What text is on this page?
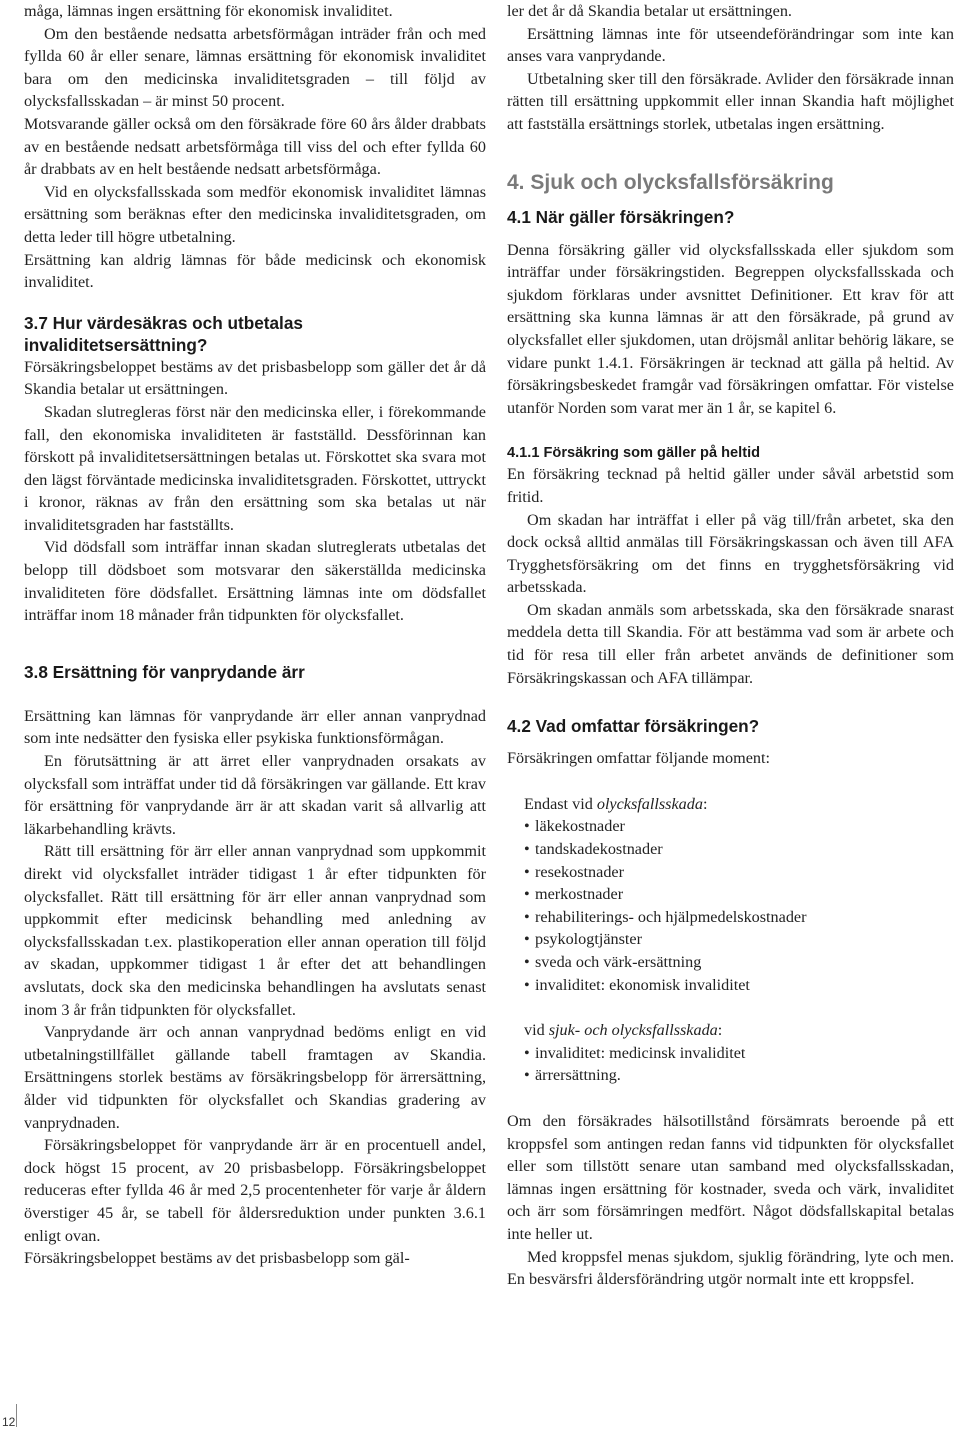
måga, lämnas ingen ersättning för ekonomisk invaliditet.

Om den bestående nedsatta arbetsförmågan inträder från och med fyllda 60 år eller senare, lämnas ersättning för ekonomisk invaliditet bara om den medicinska invaliditetsgraden – till följd av olycksfallsskadan – är minst 50 procent.

Motsvarande gäller också om den försäkrade före 60 års ålder drabbats av en bestående nedsatt arbetsförmåga till viss del och efter fyllda 60 år drabbats av en helt bestående nedsatt arbetsförmåga.

Vid en olycksfallsskada som medför ekonomisk invaliditet lämnas ersättning som beräknas efter den medicinska invaliditetsgraden, om detta leder till högre utbetalning.

Ersättning kan aldrig lämnas för både medicinsk och ekonomisk invaliditet.

3.7 Hur värdesäkras och utbetalas invaliditetsersättning?

Försäkringsbeloppet bestäms av det prisbasbelopp som gäller det år då Skandia betalar ut ersättningen.

Skadan slutregleras först när den medicinska eller, i förekommande fall, den ekonomiska invaliditeten är fastställd. Dessförinnan kan förskott på invaliditetsersättningen betalas ut. Förskottet ska svara mot den lägst förväntade medicinska invaliditetsgraden. Förskottet, uttryckt i kronor, räknas av från den ersättning som ska betalas ut när invaliditetsgraden har fastställts.

Vid dödsfall som inträffar innan skadan slutreglerats utbetalas det belopp till dödsboet som motsvarar den säkerställda medicinska invaliditeten före dödsfallet. Ersättning lämnas inte om dödsfallet inträffar inom 18 månader från tidpunkten för olycksfallet.

3.8 Ersättning för vanprydande ärr

Ersättning kan lämnas för vanprydande ärr eller annan vanprydnad som inte nedsätter den fysiska eller psykiska funktionsförmågan.

En förutsättning är att ärret eller vanprydnaden orsakats av olycksfall som inträffat under tid då försäkringen var gällande. Ett krav för ersättning för vanprydande ärr är att skadan varit så allvarlig att läkarbehandling krävts.

Rätt till ersättning för ärr eller annan vanprydnad som uppkommit direkt vid olycksfallet inträder tidigast 1 år efter tidpunkten för olycksfallet. Rätt till ersättning för ärr eller annan vanprydnad som uppkommit efter medicinsk behandling med anledning av olycksfallsskadan t.ex. plastikoperation eller annan operation till följd av skadan, uppkommer tidigast 1 år efter det att behandlingen avslutats, dock ska den medicinska behandlingen ha avslutats senast inom 3 år från tidpunkten för olycksfallet.

Vanprydande ärr och annan vanprydnad bedöms enligt en vid utbetalningstillfället gällande tabell framtagen av Skandia. Ersättningens storlek bestäms av försäkringsbelopp för ärrersättning, ålder vid tidpunkten för olycksfallet och Skandias gradering av vanprydnaden.

Försäkringsbeloppet för vanprydande ärr är en procentuell andel, dock högst 15 procent, av 20 prisbasbelopp. Försäkringsbeloppet reduceras efter fyllda 46 år med 2,5 procentenheter för varje år åldern överstiger 45 år, se tabell för åldersreduktion under punkten 3.6.1 enligt ovan.

Försäkringsbeloppet bestäms av det prisbasbelopp som gäl-

ler det år då Skandia betalar ut ersättningen.

Ersättning lämnas inte för utseendeförändringar som inte kan anses vara vanprydande.

Utbetalning sker till den försäkrade. Avlider den försäkrade innan rätten till ersättning uppkommit eller innan Skandia haft möjlighet att fastställa ersättnings storlek, utbetalas ingen ersättning.

4. Sjuk och olycksfallsförsäkring
4.1 När gäller försäkringen?

Denna försäkring gäller vid olycksfallsskada eller sjukdom som inträffar under försäkringstiden. Begreppen olycksfallsskada och sjukdom förklaras under avsnittet Definitioner. Ett krav för att ersättning ska kunna lämnas är att den försäkrade, på grund av olycksfallet eller sjukdomen, utan dröjsmål anlitar behörig läkare, se vidare punkt 1.4.1. Försäkringen är tecknad att gälla på heltid. Av försäkringsbeskedet framgår vad försäkringen omfattar. För vistelse utanför Norden som varat mer än 1 år, se kapitel 6.

4.1.1 Försäkring som gäller på heltid

En försäkring tecknad på heltid gäller under såväl arbetstid som fritid.

Om skadan har inträffat i eller på väg till/från arbetet, ska den dock också alltid anmälas till Försäkringskassan och även till AFA Trygghetsförsäkring om det finns en trygghetsförsäkring vid arbetsskada.

Om skadan anmäls som arbetsskada, ska den försäkrade snarast meddela detta till Skandia. För att bestämma vad som är arbete och tid för resa till eller från arbetet används de definitioner som Försäkringskassan och AFA tillämpar.

4.2 Vad omfattar försäkringen?

Försäkringen omfattar följande moment:

Endast vid olycksfallsskada:
• läkekostnader
• tandskadekostnader
• resekostnader
• merkostnader
• rehabiliterings- och hjälpmedelskostnader
• psykologtjänster
• sveda och värk-ersättning
• invaliditet: ekonomisk invaliditet
vid sjuk- och olycksfallsskada:
• invaliditet: medicinsk invaliditet
• ärrersättning.

Om den försäkrades hälsotillstånd försämrats beroende på ett kroppsfel som antingen redan fanns vid tidpunkten för olycksfallet eller som tillstött senare utan samband med olycksfallsskadan, lämnas ingen ersättning för kostnader, sveda och värk, invaliditet och ärr som försämringen medfört. Något dödsfallskapital betalas inte heller ut.

Med kroppsfel menas sjukdom, sjuklig förändring, lyte och men. En besvärsfri åldersförändring utgör normalt inte ett kroppsfel.

12
